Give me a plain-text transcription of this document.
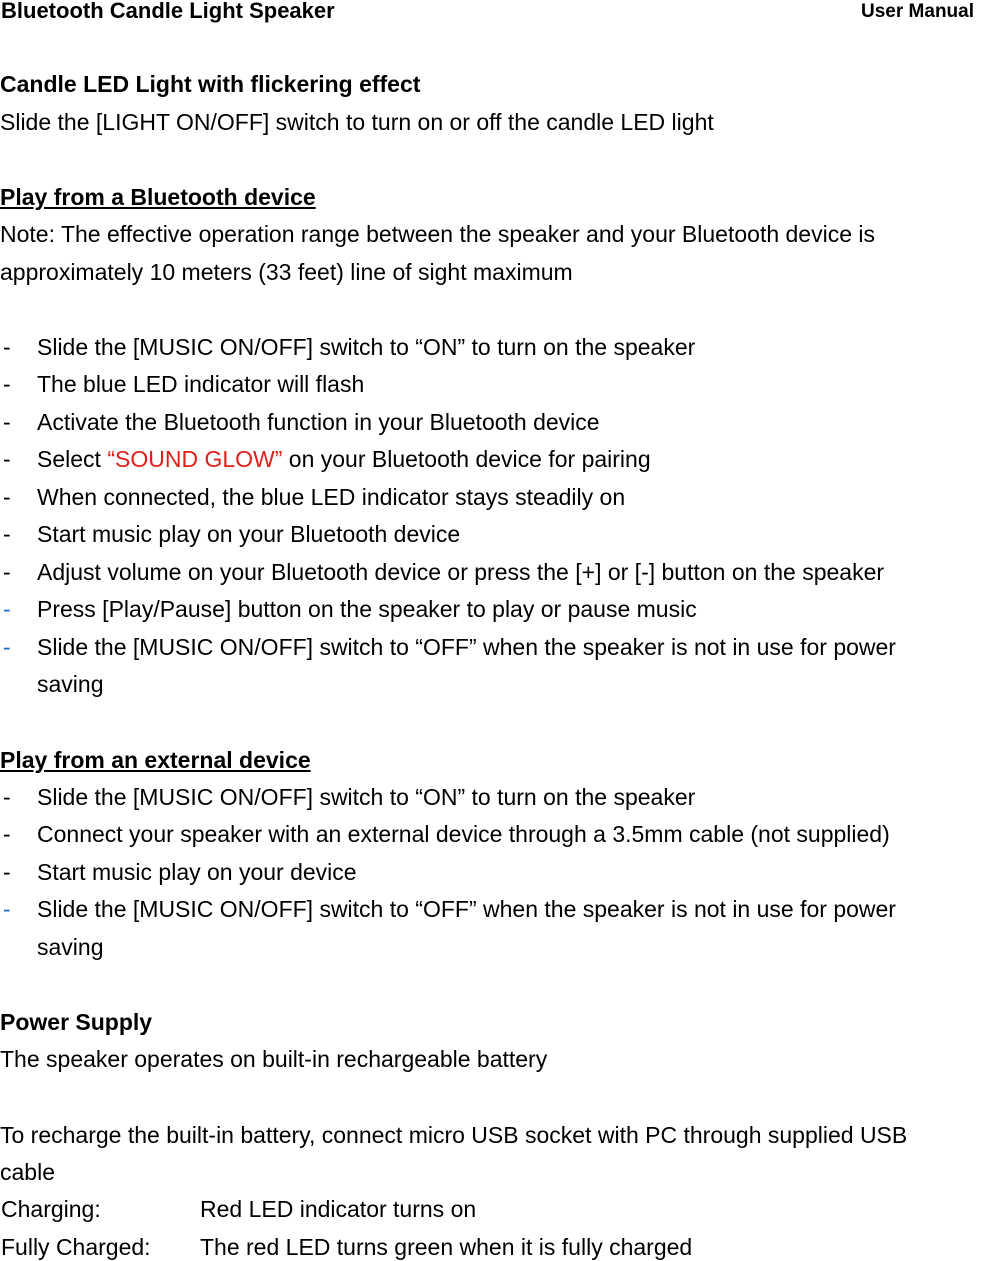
Bluetooth Candle Light Speaker	User Manual
Candle LED Light with flickering effect
Slide the [LIGHT ON/OFF] switch to turn on or off the candle LED light
Play from a Bluetooth device
Note: The effective operation range between the speaker and your Bluetooth device is
approximately 10 meters (33 feet) line of sight maximum
- Slide the [MUSIC ON/OFF] switch to “ON” to turn on the speaker
- The blue LED indicator will flash
- Activate the Bluetooth function in your Bluetooth device
- Select “SOUND GLOW” on your Bluetooth device for pairing
- When connected, the blue LED indicator stays steadily on
- Start music play on your Bluetooth device
- Adjust volume on your Bluetooth device or press the [+] or [-] button on the speaker
- Press [Play/Pause] button on the speaker to play or pause music
- Slide the [MUSIC ON/OFF] switch to “OFF” when the speaker is not in use for power
saving
Play from an external device
- Slide the [MUSIC ON/OFF] switch to “ON” to turn on the speaker
- Connect your speaker with an external device through a 3.5mm cable (not supplied)
- Start music play on your device
- Slide the [MUSIC ON/OFF] switch to “OFF” when the speaker is not in use for power
saving
Power Supply
The speaker operates on built-in rechargeable battery
To recharge the built-in battery, connect micro USB socket with PC through supplied USB
cable
Charging:	Red LED indicator turns on
Fully Charged: The red LED turns green when it is fully charged
